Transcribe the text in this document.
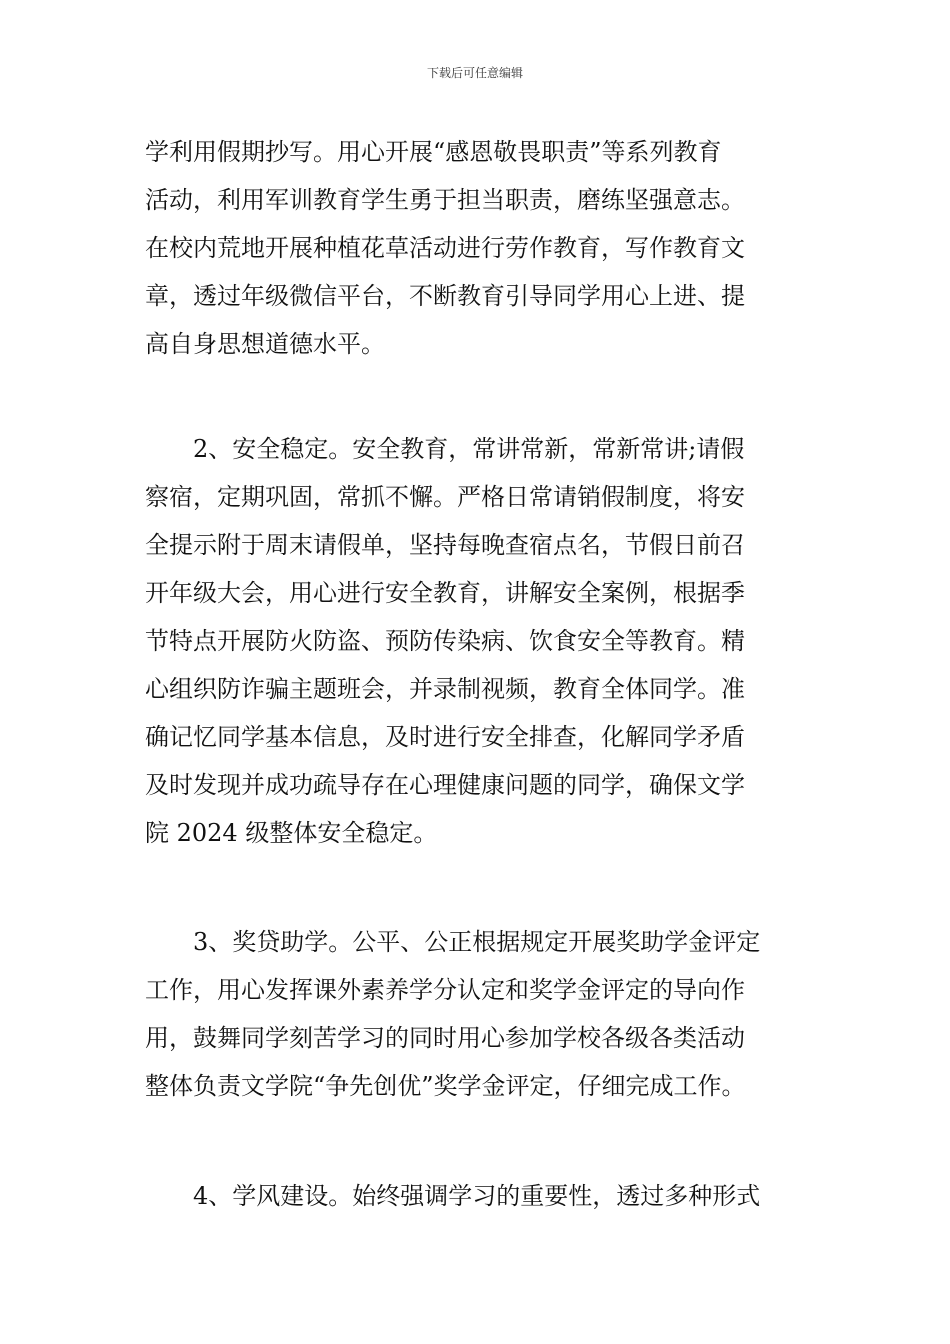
下载后可任意编辑
学利用假期抄写。用心开展“感恩敬畏职责”等系列教育
活动，利用军训教育学生勇于担当职责，磨练坚强意志。
在校内荒地开展种植花草活动进行劳作教育，写作教育文
章，透过年级微信平台，不断教育引导同学用心上进、提
高自身思想道德水平。
2、安全稳定。安全教育，常讲常新，常新常讲;请假
察宿，定期巩固，常抓不懈。严格日常请销假制度，将安
全提示附于周末请假单，坚持每晚查宿点名，节假日前召
开年级大会，用心进行安全教育，讲解安全案例，根据季
节特点开展防火防盗、预防传染病、饮食安全等教育。精
心组织防诈骗主题班会，并录制视频，教育全体同学。准
确记忆同学基本信息，及时进行安全排查，化解同学矛盾
及时发现并成功疏导存在心理健康问题的同学，确保文学
院 2024 级整体安全稳定。
3、奖贷助学。公平、公正根据规定开展奖助学金评定
工作，用心发挥课外素养学分认定和奖学金评定的导向作
用，鼓舞同学刻苦学习的同时用心参加学校各级各类活动
整体负责文学院“争先创优”奖学金评定，仔细完成工作。
4、学风建设。始终强调学习的重要性，透过多种形式
